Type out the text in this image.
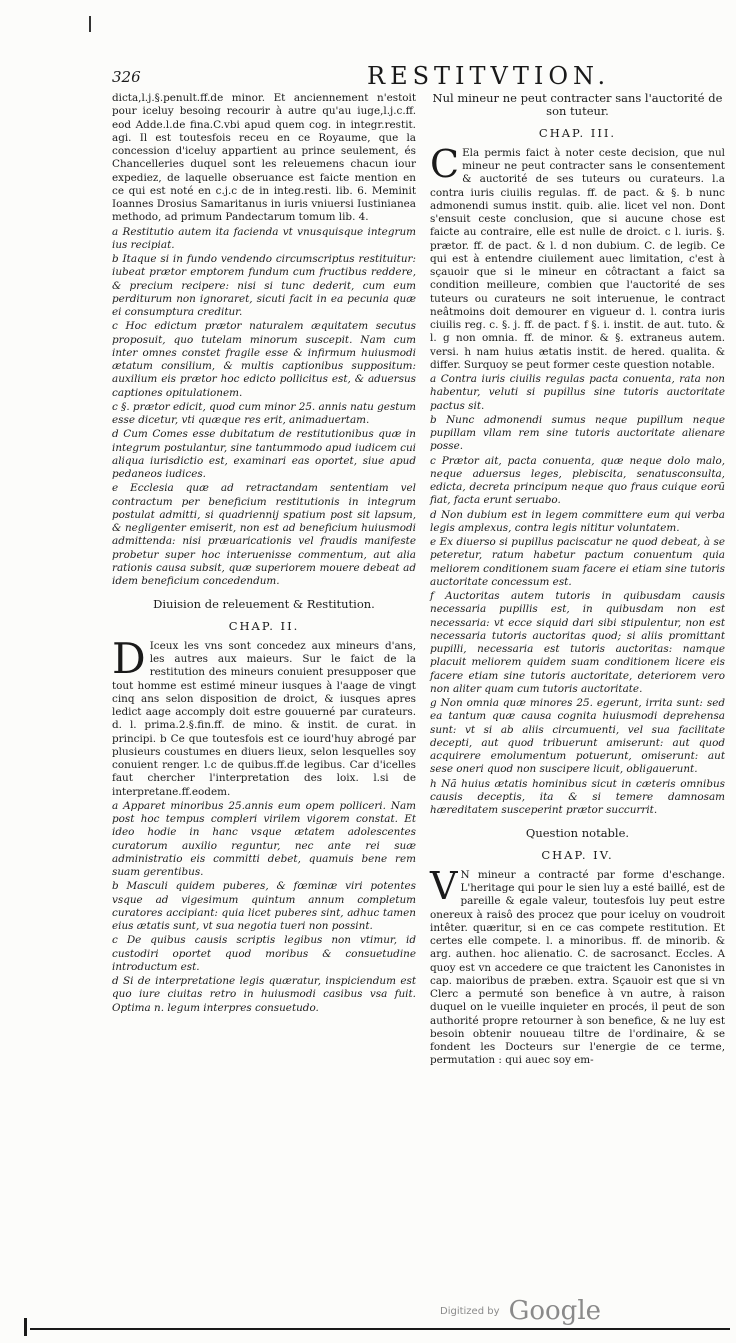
326	RESTITVTION.

dicta,l.j.§.penult.ff.de minor. Et anciennement n'estoit pour iceluy besoing recourir à autre qu'au iuge,l.j.c.ff. eod Adde.l.de fina.C.vbi apud quem cog. in integr.restit. agi. Il est toutesfois receu en ce Royaume, que la concession d'iceluy appartient au prince seulement, és Chancelleries duquel sont les releuemens chacun iour expediez, de laquelle obseruance est faicte mention en ce qui est noté en c.j.c de in integ.resti. lib. 6. Meminit Ioannes Drosius Samaritanus in iuris vniuersi Iustinianea methodo, ad primum Pandectarum tomum lib. 4.

a Restitutio autem ita facienda vt vnusquisque integrum ius recipiat.

b Itaque si in fundo vendendo circumscriptus restituitur: iubeat prætor emptorem fundum cum fructibus reddere, & precium recipere: nisi si tunc dederit, cum eum perditurum non ignoraret, sicuti facit in ea pecunia quæ ei consumptura creditur.

c Hoc edictum prætor naturalem æquitatem secutus proposuit, quo tutelam minorum suscepit. Nam cum inter omnes constet fragile esse & infirmum huiusmodi ætatum consilium, & multis captionibus suppositum: auxilium eis prætor hoc edicto pollicitus est, & aduersus captiones opitulationem.

c §. prætor edicit, quod cum minor 25. annis natu gestum esse dicetur, vti quæque res erit, animaduertam.

d Cum Comes esse dubitatum de restitutionibus quæ in integrum postulantur, sine tantummodo apud iudicem cui aliqua iurisdictio est, examinari eas oportet, siue apud pedaneos iudices.

e Ecclesia quæ ad retractandam sententiam vel contractum per beneficium restitutionis in integrum postulat admitti, si quadriennij spatium post sit lapsum, & negligenter emiserit, non est ad beneficium huiusmodi admittenda: nisi præuaricationis vel fraudis manifeste probetur super hoc interuenisse commentum, aut alia rationis causa subsit, quæ superiorem mouere debeat ad idem beneficium concedendum.

Diuision de releuement & Restitution.

CHAP. II.

D Iceux les vns sont concedez aux mineurs d'ans, les autres aux maieurs. Sur le faict de la restitution des mineurs conuient presupposer que tout homme est estimé mineur iusques à l'aage de vingt cinq ans selon disposition de droict, & iusques apres ledict aage accomply doit estre gouuerné par curateurs. d. l. prima.2.§.fin.ff. de mino. & instit. de curat. in principi. b Ce que toutesfois est ce iourd'huy abrogé par plusieurs coustumes en diuers lieux, selon lesquelles soy conuient renger. l.c de quibus.ff.de legibus. Car d'icelles faut chercher l'interpretation des loix. l.si de interpretane.ff.eodem.

a Apparet minoribus 25.annis eum opem polliceri. Nam post hoc tempus compleri virilem vigorem constat. Et ideo hodie in hanc vsque ætatem adolescentes curatorum auxilio reguntur, nec ante rei suæ administratio eis committi debet, quamuis bene rem suam gerentibus.

b Masculi quidem puberes, & fœminæ viri potentes vsque ad vigesimum quintum annum completum curatores accipiant: quia licet puberes sint, adhuc tamen eius ætatis sunt, vt sua negotia tueri non possint.

c De quibus causis scriptis legibus non vtimur, id custodiri oportet quod moribus & consuetudine introductum est.

d Si de interpretatione legis quæratur, inspiciendum est quo iure ciuitas retro in huiusmodi casibus vsa fuit. Optima n. legum interpres consuetudo.

Nul mineur ne peut contracter sans l'auctorité de son tuteur.

CHAP. III.

C Ela permis faict à noter ceste decision, que nul mineur ne peut contracter sans le consentement & auctorité de ses tuteurs ou curateurs. l.a contra iuris ciuilis regulas. ff. de pact. & §. b nunc admonendi sumus instit. quib. alie. licet vel non. Dont s'ensuit ceste conclusion, que si aucune chose est faicte au contraire, elle est nulle de droict. c l. iuris. §. prætor. ff. de pact. & l. d non dubium. C. de legib. Ce qui est à entendre ciuilement auec limitation, c'est à sçauoir que si le mineur en côtractant a faict sa condition meilleure, combien que l'auctorité de ses tuteurs ou curateurs ne soit interuenue, le contract neâtmoins doit demourer en vigueur d. l. contra iuris ciuilis reg. c. §. j. ff. de pact. f §. i. instit. de aut. tuto. & l. g non omnia. ff. de minor. & §. extraneus autem. versi. h nam huius ætatis instit. de hered. qualita. & differ. Surquoy se peut former ceste question notable.

a Contra iuris ciuilis regulas pacta conuenta, rata non habentur, veluti si pupillus sine tutoris auctoritate pactus sit.

b Nunc admonendi sumus neque pupillum neque pupillam vllam rem sine tutoris auctoritate alienare posse.

c Prætor ait, pacta conuenta, quæ neque dolo malo, neque aduersus leges, plebiscita, senatusconsulta, edicta, decreta principum neque quo fraus cuique eorũ fiat, facta erunt seruabo.

d Non dubium est in legem committere eum qui verba legis amplexus, contra legis nititur voluntatem.

e Ex diuerso si pupillus paciscatur ne quod debeat, à se peteretur, ratum habetur pactum conuentum quia meliorem conditionem suam facere ei etiam sine tutoris auctoritate concessum est.

f Auctoritas autem tutoris in quibusdam causis necessaria pupillis est, in quibusdam non est necessaria: vt ecce siquid dari sibi stipulentur, non est necessaria tutoris auctoritas quod; si aliis promittant pupilli, necessaria est tutoris auctoritas: namque placuit meliorem quidem suam conditionem licere eis facere etiam sine tutoris auctoritate, deteriorem vero non aliter quam cum tutoris auctoritate.

g Non omnia quæ minores 25. egerunt, irrita sunt: sed ea tantum quæ causa cognita huiusmodi deprehensa sunt: vt si ab aliis circumuenti, vel sua facilitate decepti, aut quod tribuerunt amiserunt: aut quod acquirere emolumentum potuerunt, omiserunt: aut sese oneri quod non suscipere licuit, obligauerunt.

h Nã huius ætatis hominibus sicut in cæteris omnibus causis deceptis, ita & si temere damnosam hæreditatem susceperint prætor succurrit.

Question notable.

CHAP. IV.

V N mineur a contracté par forme d'eschange. L'heritage qui pour le sien luy a esté baillé, est de pareille & egale valeur, toutesfois luy peut estre onereux à raisô des procez que pour iceluy on voudroit intêter. quæritur, si en ce cas compete restitution. Et certes elle compete. l. a minoribus. ff. de minorib. & arg. authen. hoc alienatio. C. de sacrosanct. Eccles. A quoy est vn accedere ce que traictent les Canonistes in cap. maioribus de præben. extra. Sçauoir est que si vn Clerc a permuté son benefice à vn autre, à raison duquel on le vueille inquieter en procés, il peut de son authorité propre retourner à son benefice, & ne luy est besoin obtenir nouueau tiltre de l'ordinaire, & se fondent les Docteurs sur l'energie de ce terme, permutation : qui auec soy em-

Digitized by Google
